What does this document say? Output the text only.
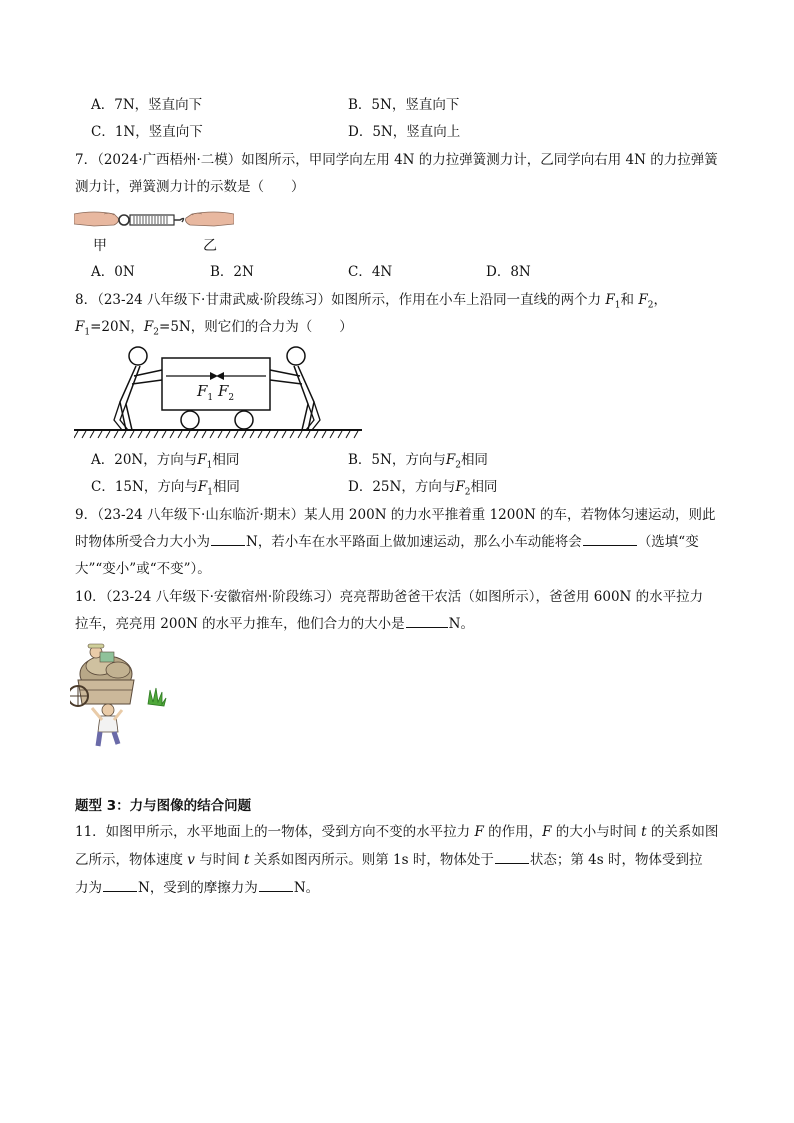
A．7N，竖直向下	B．5N，竖直向下
C．1N，竖直向下	D．5N，竖直向上
7．（2024·广西梧州·二模）如图所示，甲同学向左用 4N 的力拉弹簧测力计，乙同学向右用 4N 的力拉弹簧
测力计，弹簧测力计的示数是（　　）
甲	乙
A．0N	B．2N	C．4N	D．8N
8．（23-24 八年级下·甘肃武威·阶段练习）如图所示，作用在小车上沿同一直线的两个力 $F_1$和 $F_2$，
$F_1=20N$，$F_2=5N$，则它们的合力为（　　）
$F_1$ $F_2$
A．20N，方向与$F_1$相同	B．5N，方向与$F_2$相同
C．15N，方向与$F_1$相同	D．25N，方向与$F_2$相同
9．（23-24 八年级下·山东临沂·期末）某人用 200N 的力水平推着重 1200N 的车，若物体匀速运动，则此
时物体所受合力大小为	N，若小车在水平路面上做加速运动，那么小车动能将会	（选填“变
大”“变小”或“不变”）。
10．（23-24 八年级下·安徽宿州·阶段练习）亮亮帮助爸爸干农活（如图所示），爸爸用 600N 的水平拉力
拉车，亮亮用 200N 的水平力推车，他们合力的大小是	N。
题型 3：力与图像的结合问题
11．如图甲所示，水平地面上的一物体，受到方向不变的水平拉力 F 的作用，F 的大小与时间 t 的关系如图
乙所示，物体速度 v 与时间 t 关系如图丙所示。则第 1s 时，物体处于	状态；第 4s 时，物体受到拉
力为	N，受到的摩擦力为	N。
